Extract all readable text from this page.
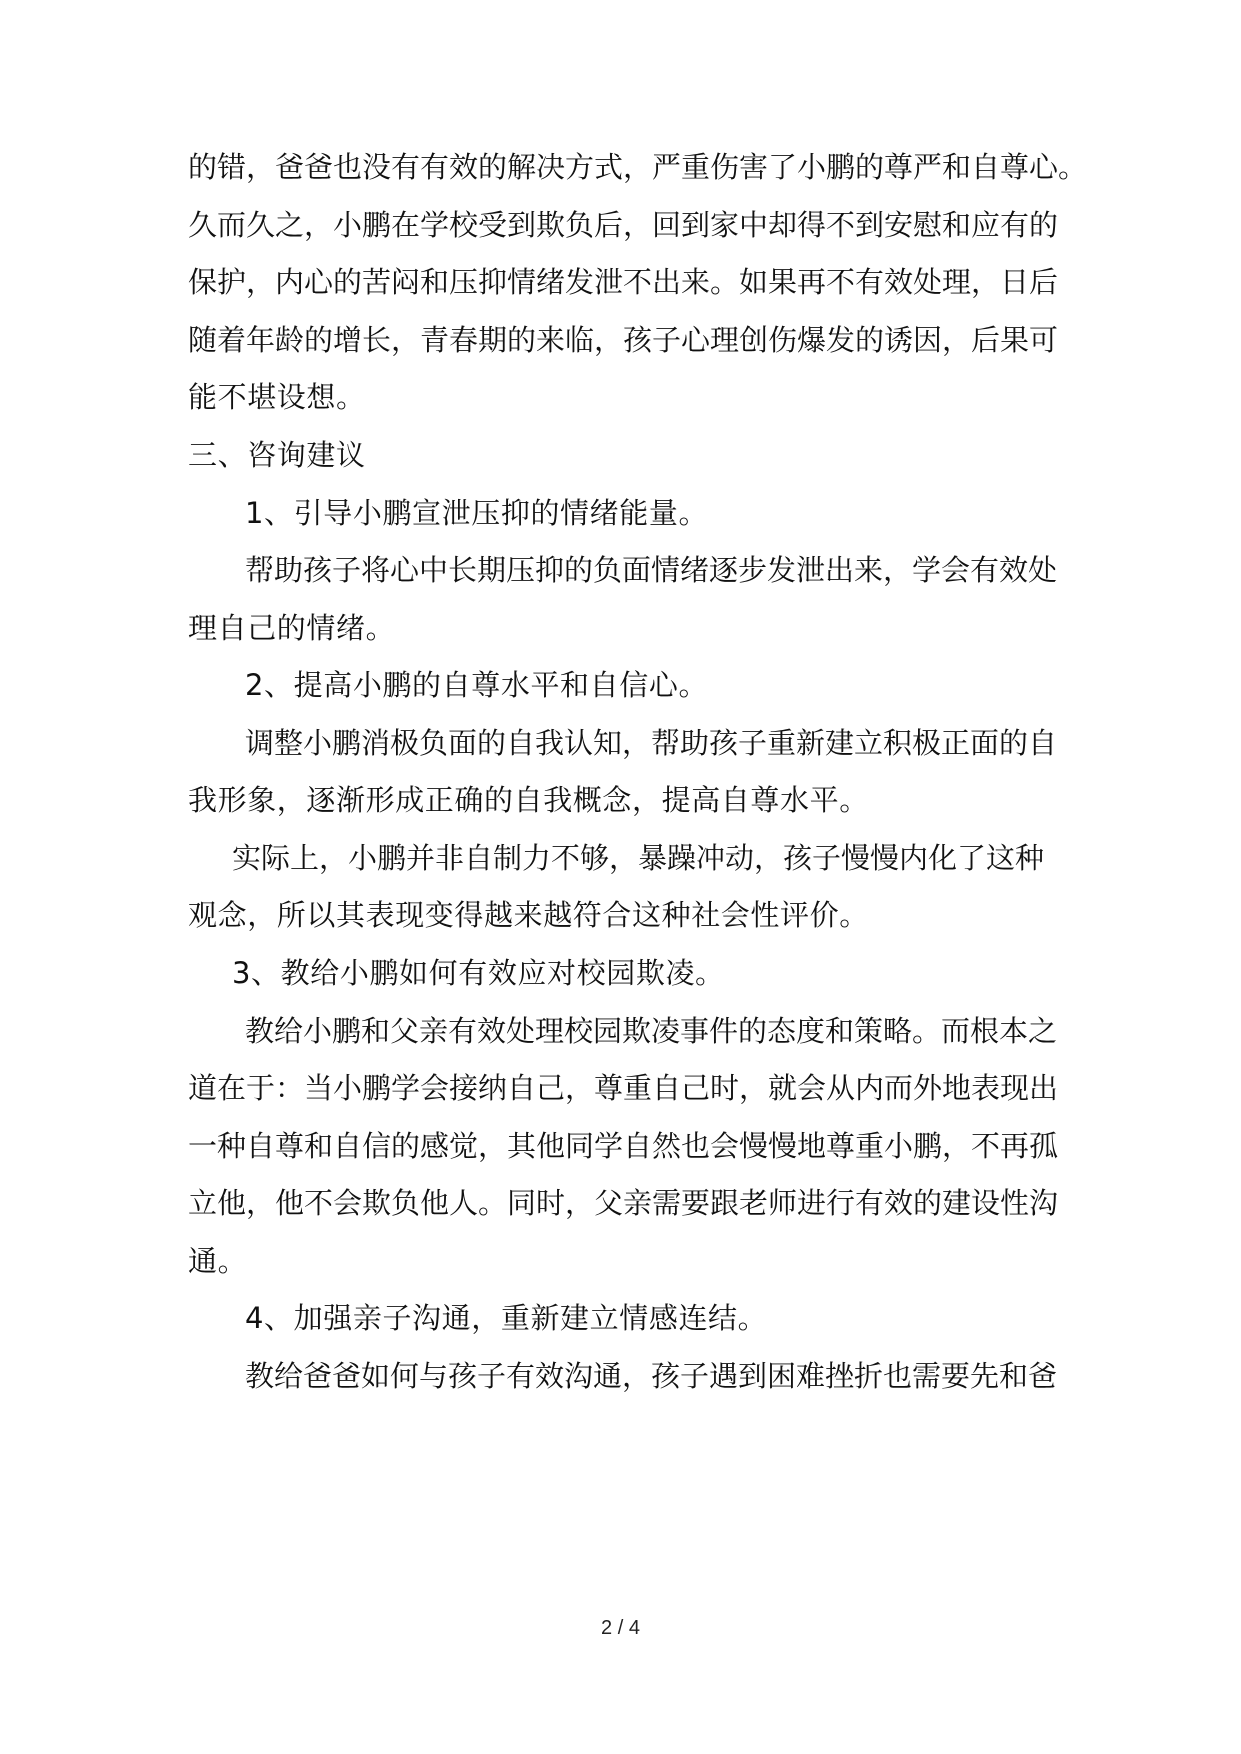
的错，爸爸也没有有效的解决方式，严重伤害了小鹏的尊严和自尊心。
久而久之，小鹏在学校受到欺负后，回到家中却得不到安慰和应有的
保护，内心的苦闷和压抑情绪发泄不出来。如果再不有效处理，日后
随着年龄的增长，青春期的来临，孩子心理创伤爆发的诱因，后果可
能不堪设想。
三、咨询建议
1、引导小鹏宣泄压抑的情绪能量。
帮助孩子将心中长期压抑的负面情绪逐步发泄出来，学会有效处
理自己的情绪。
2、提高小鹏的自尊水平和自信心。
调整小鹏消极负面的自我认知，帮助孩子重新建立积极正面的自
我形象，逐渐形成正确的自我概念，提高自尊水平。
实际上，小鹏并非自制力不够，暴躁冲动，孩子慢慢内化了这种
观念，所以其表现变得越来越符合这种社会性评价。
3、教给小鹏如何有效应对校园欺凌。
教给小鹏和父亲有效处理校园欺凌事件的态度和策略。而根本之
道在于：当小鹏学会接纳自己，尊重自己时，就会从内而外地表现出
一种自尊和自信的感觉，其他同学自然也会慢慢地尊重小鹏，不再孤
立他，他不会欺负他人。同时，父亲需要跟老师进行有效的建设性沟
通。
4、加强亲子沟通，重新建立情感连结。
教给爸爸如何与孩子有效沟通，孩子遇到困难挫折也需要先和爸
2 / 4
